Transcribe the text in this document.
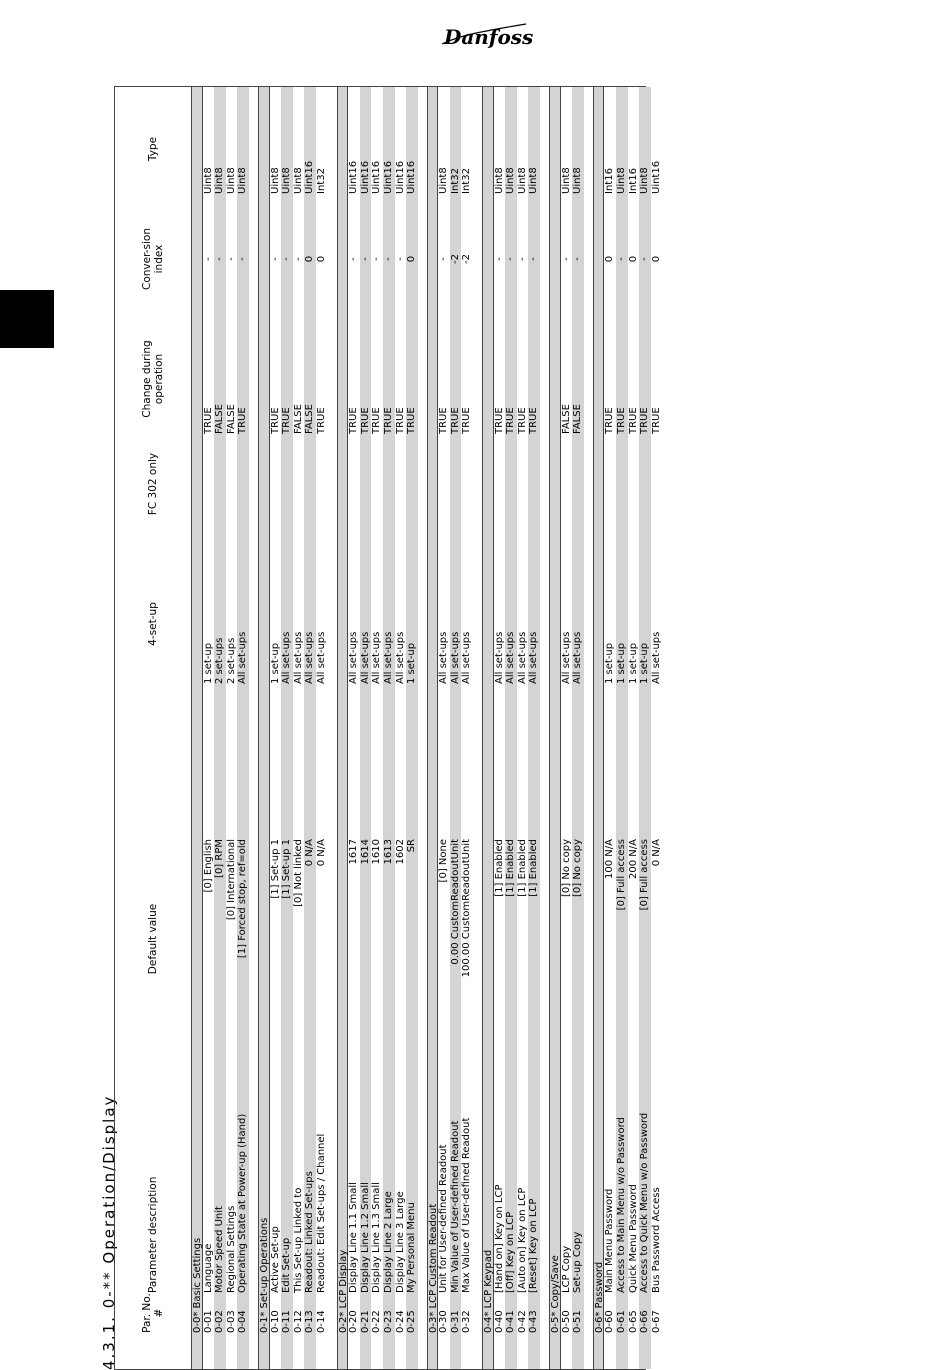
Danfoss
4.3.1. 0-** Operation/Display	Par. No. #
Parameter description
Default value
4-set-up
FC 302 only
Change during operation
Conver-sion index
Type
0-0* Basic Settings 0-01
Language
[0] English
1 set-up
TRUE
-
Uint8
0-02
Motor Speed Unit
[0] RPM
2 set-ups
FALSE
-
Uint8
0-03
Regional Settings
[0] International
2 set-ups
FALSE
-
Uint8
0-04
Operating State at Power-up (Hand)
[1] Forced stop, ref=old
All set-ups
TRUE
-
Uint8
0-1* Set-up Operations 0-10
Active Set-up
[1] Set-up 1
1 set-up
TRUE
-
Uint8
0-11
Edit Set-up
[1] Set-up 1
All set-ups
TRUE
-
Uint8
0-12
This Set-up Linked to
[0] Not linked
All set-ups
FALSE
-
Uint8
0-13
Readout: Linked Set-ups
0 N/A
All set-ups
FALSE
0
Uint16
0-14
Readout: Edit Set-ups / Channel
0 N/A
All set-ups
TRUE
0
Int32
0-2* LCP Display 0-20
Display Line 1.1 Small
1617
All set-ups
TRUE
-
Uint16
0-21
Display Line 1.2 Small
1614
All set-ups
TRUE
-
Uint16
0-22
Display Line 1.3 Small
1610
All set-ups
TRUE
-
Uint16
0-23
Display Line 2 Large
1613
All set-ups
TRUE
-
Uint16
0-24
Display Line 3 Large
1602
All set-ups
TRUE
-
Uint16
0-25
My Personal Menu
SR
1 set-up
TRUE
0
Uint16
0-3* LCP Custom Readout 0-30
Unit for User-defined Readout
[0] None
All set-ups
TRUE
-
Uint8
0-31
Min Value of User-defined Readout
0.00 CustomReadoutUnit
All set-ups
TRUE
-2
Int32
0-32
Max Value of User-defined Readout
100.00 CustomReadoutUnit
All set-ups
TRUE
-2
Int32
0-4* LCP Keypad 0-40
[Hand on] Key on LCP
[1] Enabled
All set-ups
TRUE
-
Uint8
0-41
[Off] Key on LCP
[1] Enabled
All set-ups
TRUE
-
Uint8
0-42
[Auto on] Key on LCP
[1] Enabled
All set-ups
TRUE
-
Uint8
0-43
[Reset] Key on LCP
[1] Enabled
All set-ups
TRUE
-
Uint8
0-5* Copy/Save 0-50
LCP Copy
[0] No copy
All set-ups
FALSE
-
Uint8
0-51
Set-up Copy
[0] No copy
All set-ups
FALSE
-
Uint8
0-6* Password 0-60
Main Menu Password
100 N/A
1 set-up
TRUE
0
Int16
0-61
Access to Main Menu w/o Password
[0] Full access
1 set-up
TRUE
-
Uint8
0-65
Quick Menu Password
200 N/A
1 set-up
TRUE
0
Int16
0-66
Access to Quick Menu w/o Password
[0] Full access
1 set-up
TRUE
-
Uint8
0-67
Bus Password Access
0 N/A
All set-ups
TRUE
0
Uint16
